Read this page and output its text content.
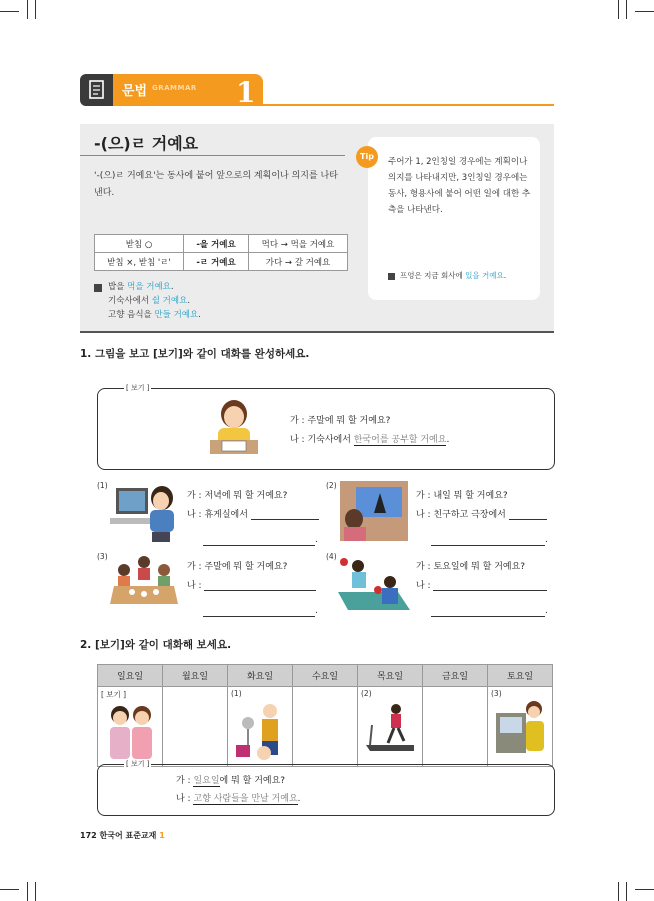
문법 GRAMMAR 1
-(으)ㄹ 거예요
'-(으)ㄹ 거예요'는 동사에 붙어 앞으로의 계획이나 의지를 나타낸다.
받침 ○	-을 거예요	먹다 → 먹을 거예요
받침 ×, 받침 'ㄹ'	-ㄹ 거예요	가다 → 갈 거예요
밥을 먹을 거예요.
기숙사에서 쉴 거예요.
고향 음식을 만들 거예요.
Tip
주어가 1, 2인칭일 경우에는 계획이나 의지를 나타내지만, 3인칭일 경우에는 동사, 형용사에 붙어 어떤 일에 대한 추측을 나타낸다.
프엉은 지금 회사에 있을 거예요.
1. 그림을 보고 [보기]와 같이 대화를 완성하세요.
[ 보기 ]
가 : 주말에 뭐 할 거예요?
나 : 기숙사에서 한국어를 공부할 거예요.
(1)
가 : 저녁에 뭐 할 거예요?
나 : 휴게실에서
.
(2)
가 : 내일 뭐 할 거예요?
나 : 친구하고 극장에서
.
(3)
가 : 주말에 뭐 할 거예요?
나 :
.
(4)
가 : 토요일에 뭐 할 거예요?
나 :
.
2. [보기]와 같이 대화해 보세요.
일요일	월요일	화요일	수요일	목요일	금요일	토요일

[ 보기 ]		(1)		(2)		(3)
[ 보기 ]
가 : 일요일에 뭐 할 거예요?
나 : 고향 사람들을 만날 거예요.
172 한국어 표준교재 1
